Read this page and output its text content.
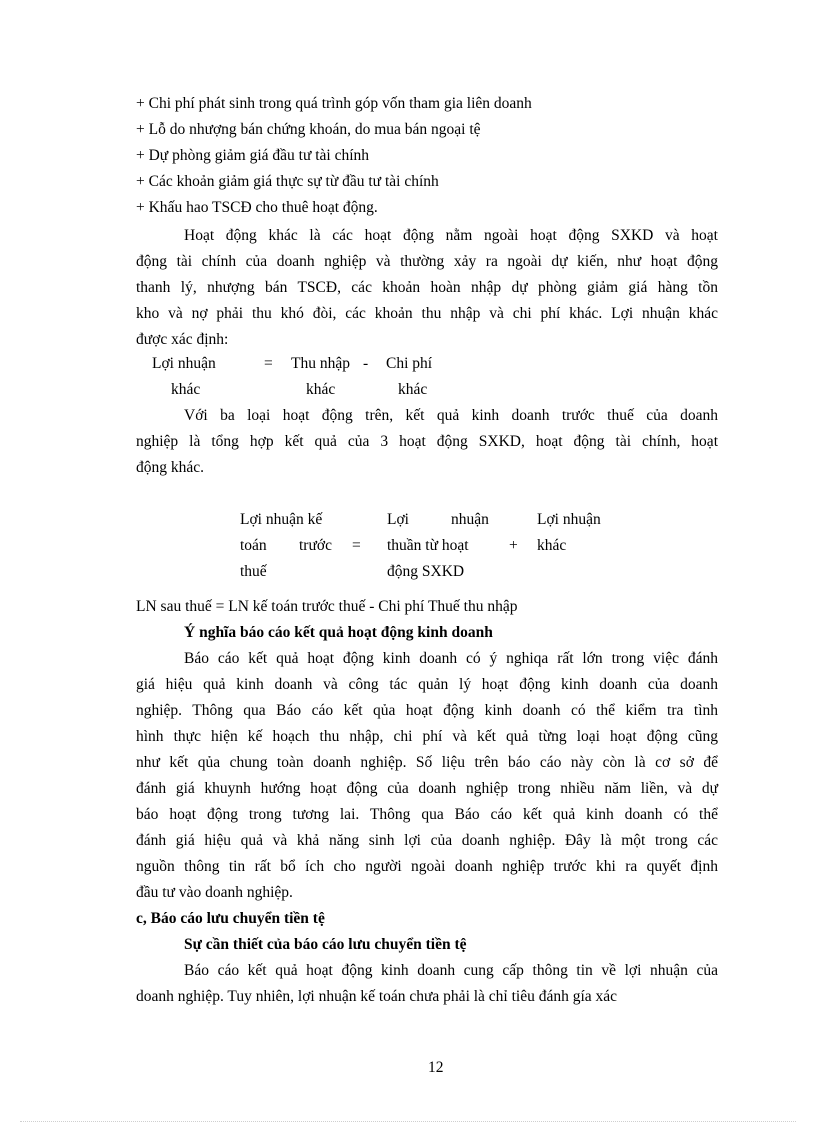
+ Chi phí phát sinh trong quá trình góp vốn tham gia liên doanh
+ Lỗ do nhượng bán chứng khoán, do mua bán ngoại tệ
+ Dự phòng giảm giá đầu tư tài chính
+ Các khoản giảm giá thực sự từ đầu tư tài chính
+ Khấu hao TSCĐ cho thuê hoạt động.
Hoạt động khác là các hoạt động nằm ngoài hoạt động SXKD và hoạt
động tài chính của doanh nghiệp và thường xảy ra ngoài dự kiến, như hoạt động
thanh lý, nhượng bán TSCĐ, các khoản hoàn nhập dự phòng giảm giá hàng tồn
kho và nợ phải thu khó đòi, các khoản thu nhập và chi phí khác. Lợi nhuận khác
được xác định:
Lợi nhuận
khác
= Thu nhập -
khác
Chi phí
khác
Với ba loại hoạt động trên, kết quả kinh doanh trước thuế của doanh
nghiệp là tổng hợp kết quả của 3 hoạt động SXKD, hoạt động tài chính, hoạt
động khác.
Lợi nhuận kế
toán trước
thuế
=
Lợi	nhuận
thuần từ hoạt
động SXKD
+
Lợi nhuận
khác
LN sau thuế = LN kế toán trước thuế - Chi phí Thuế thu nhập
Ý nghĩa báo cáo kết quả hoạt động kinh doanh
Báo cáo kết quả hoạt động kinh doanh có ý nghiqa rất lớn trong việc đánh
giá hiệu quả kinh doanh và công tác quản lý hoạt động kinh doanh của doanh
nghiệp. Thông qua Báo cáo kết qủa hoạt động kinh doanh có thể kiểm tra tình
hình thực hiện kế hoạch thu nhập, chi phí và kết quả từng loại hoạt động cũng
như kết qủa chung toàn doanh nghiệp. Số liệu trên báo cáo này còn là cơ sở để
đánh giá khuynh hướng hoạt động của doanh nghiệp trong nhiều năm liền, và dự
báo hoạt động trong tương lai. Thông qua Báo cáo kết quả kinh doanh có thể
đánh giá hiệu quả và khả năng sinh lợi của doanh nghiệp. Đây là một trong các
nguồn thông tin rất bổ ích cho người ngoài doanh nghiệp trước khi ra quyết định
đầu tư vào doanh nghiệp.
c, Báo cáo lưu chuyển tiền tệ
Sự cần thiết của báo cáo lưu chuyển tiền tệ
Báo cáo kết quả hoạt động kinh doanh cung cấp thông tin về lợi nhuận của
doanh nghiệp. Tuy nhiên, lợi nhuận kế toán chưa phải là chỉ tiêu đánh gía xác
12
